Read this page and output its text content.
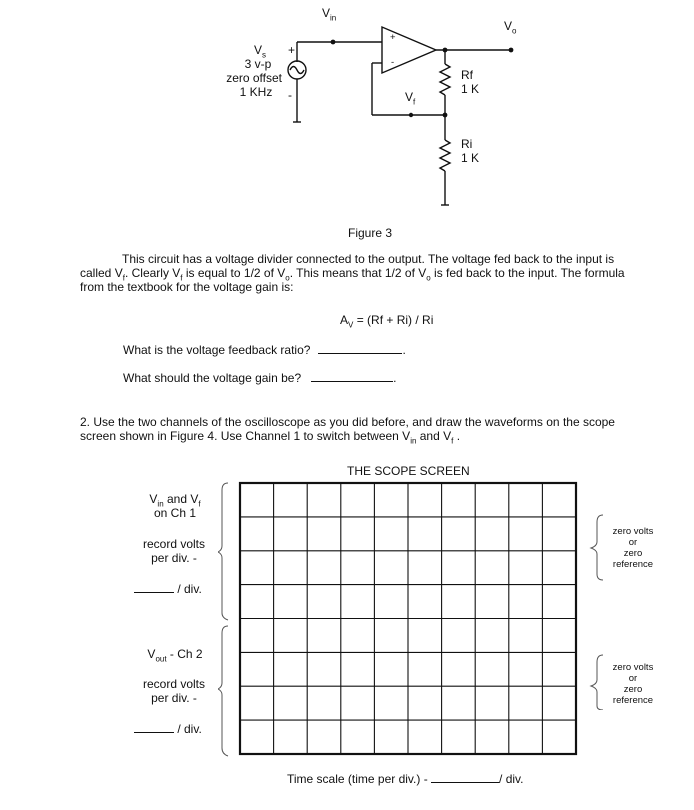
$V_{in}$
$V_o$
$V_s$
3 v-p
zero offset
1 KHz
+
-
+
-
$V_f$
Rf
1 K
Ri
1 K
Figure 3
This circuit has a voltage divider connected to the output. The voltage fed back to the input is
called $V_f$. Clearly $V_f$ is equal to 1/2 of $V_o$. This means that 1/2 of $V_o$ is fed back to the input. The formula
from the textbook for the voltage gain is:
$A_V = (Rf + Ri) / Ri$
What is the voltage feedback ratio?	.
What should the voltage gain be?	.
2. Use the two channels of the oscilloscope as you did before, and draw the waveforms on the scope
screen shown in Figure 4. Use Channel 1 to switch between $V_{in}$ and $V_f$ .
THE SCOPE SCREEN
$V_{in}$ and $V_f$
on Ch 1
record volts
per div. -
/ div.
$V_{out}$ - Ch 2
record volts
per div. -
/ div.
zero volts
or
zero
reference
zero volts
or
zero
reference
Time scale (time per div.) -	/ div.
